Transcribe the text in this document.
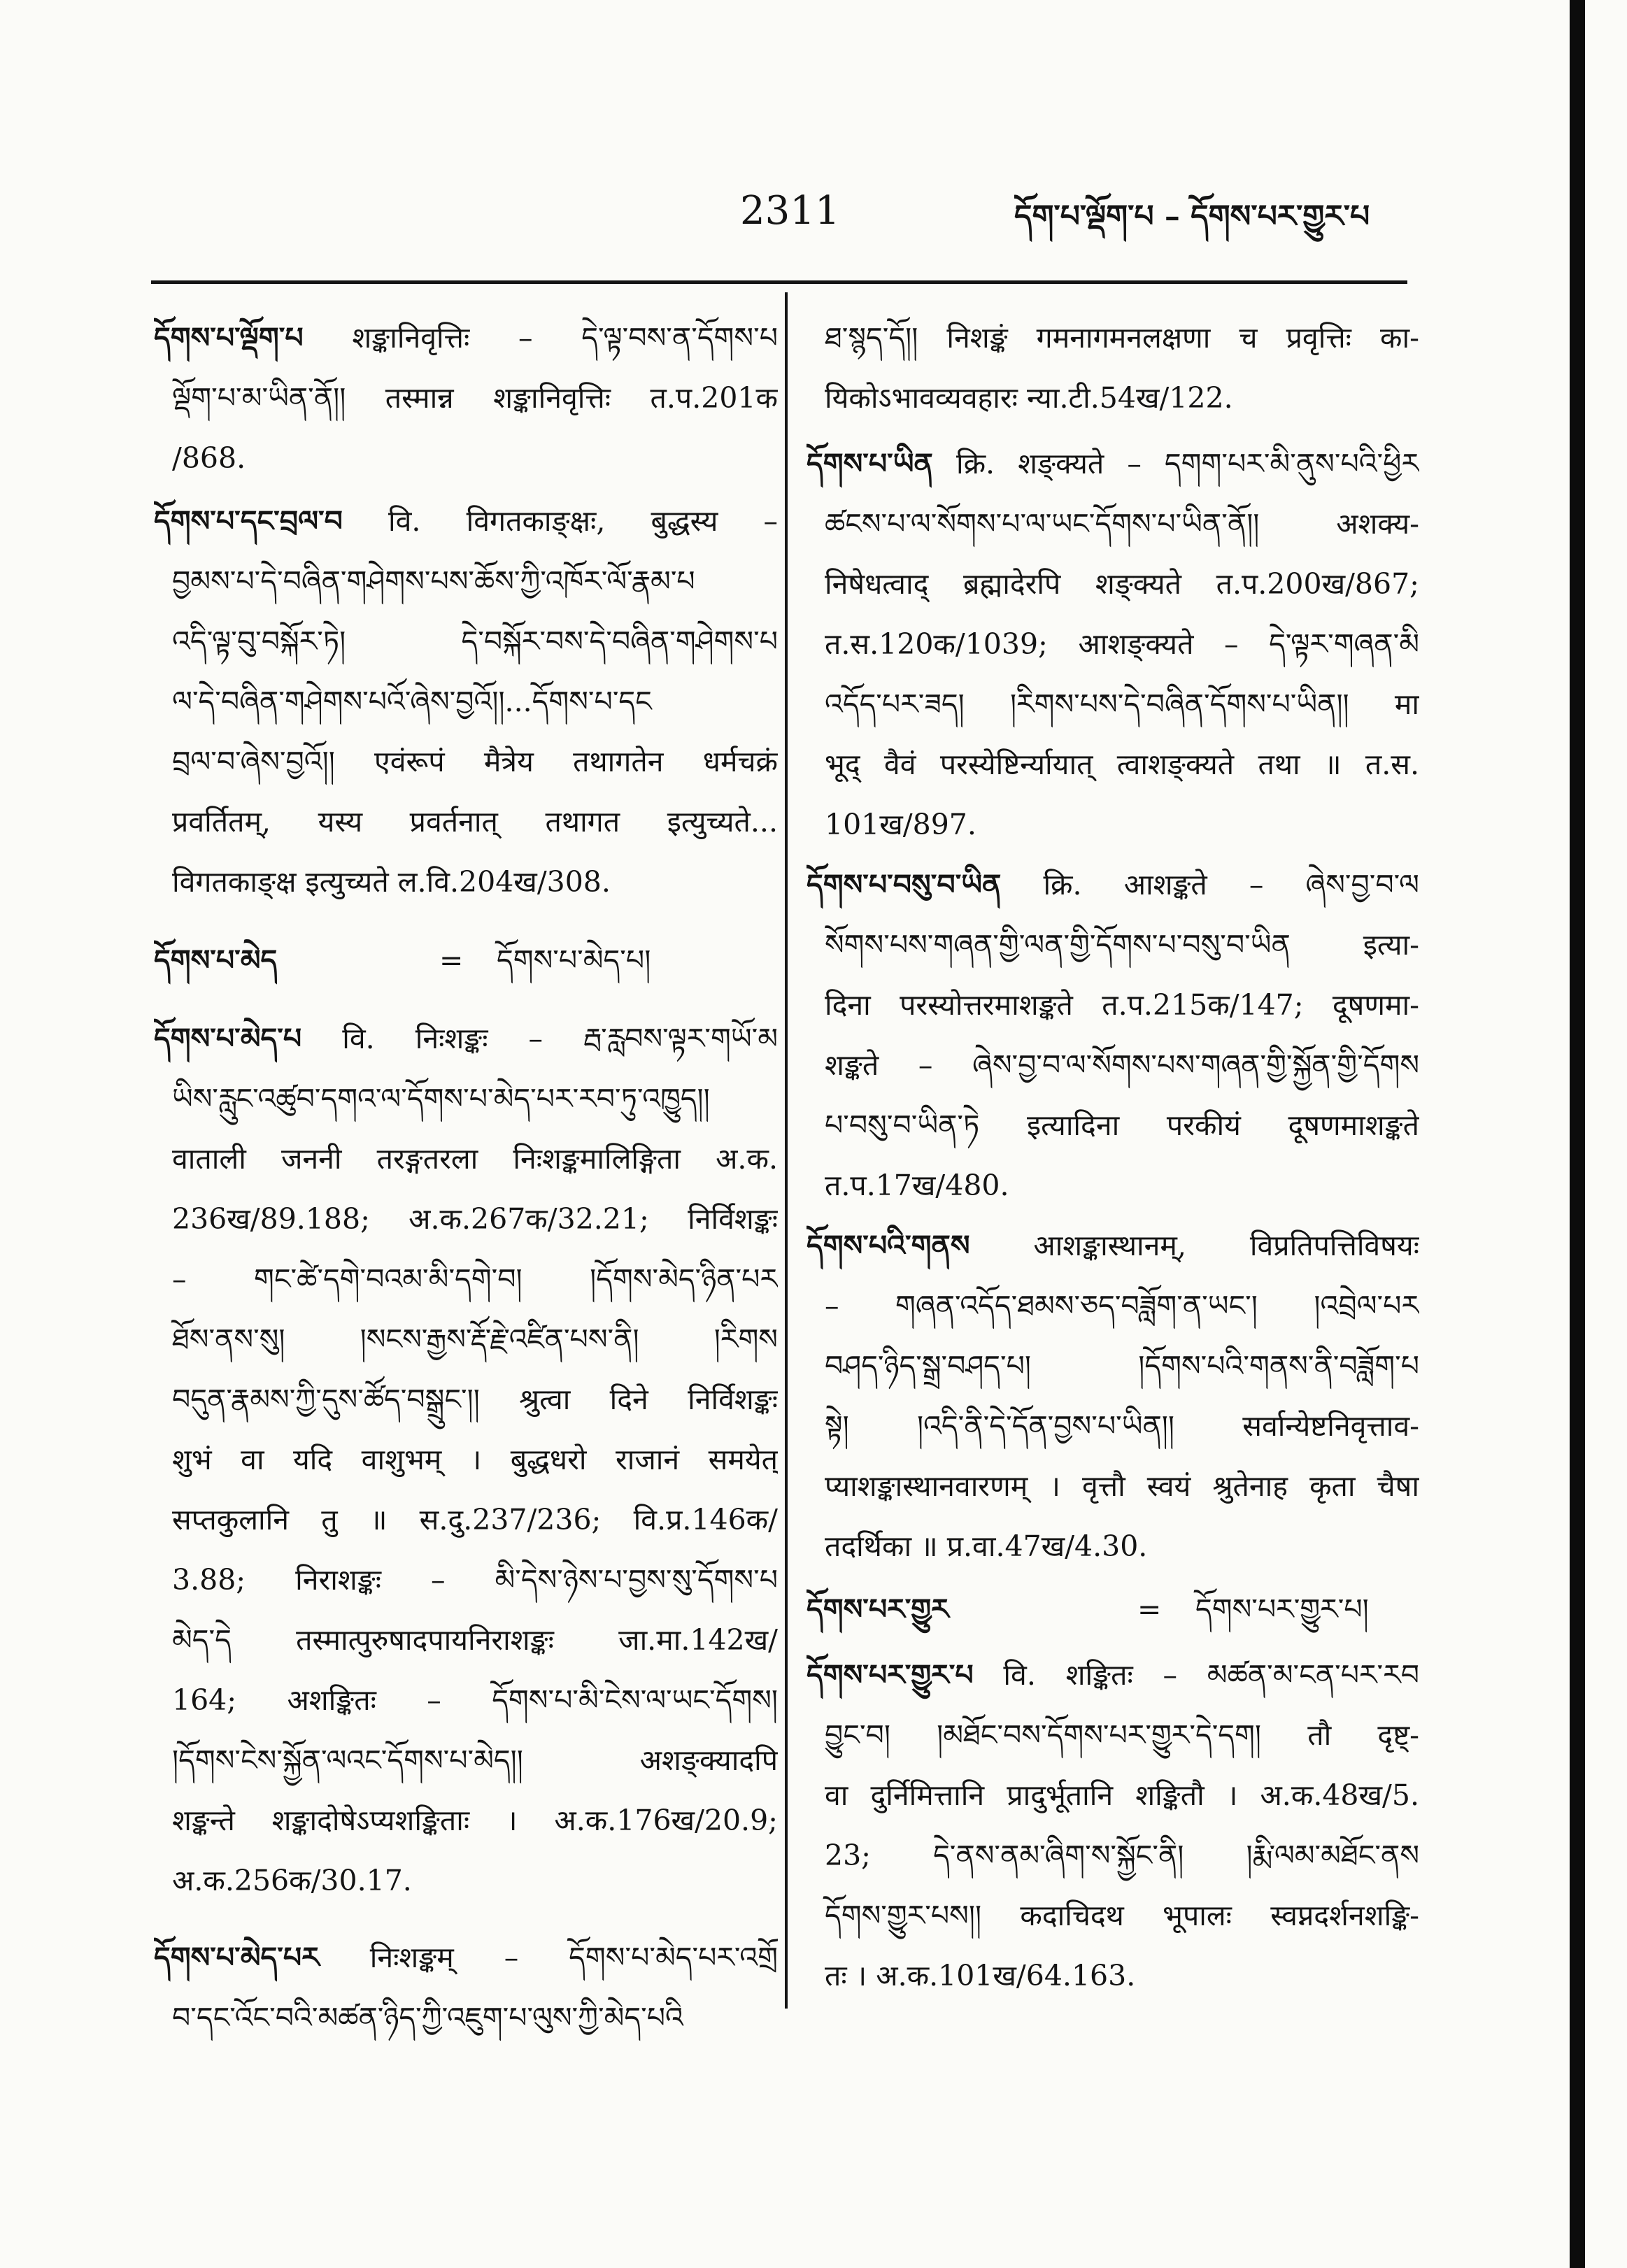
2311	དོག་པ་ལྡོག་པ – དོགས་པར་གྱུར་པ
དོགས་པ་ལྡོག་པ शङ्कानिवृत्तिः – དེ་ལྟ་བས་ན་དོགས་པ
ལྡོག་པ་མ་ཡིན་ནོ།། तस्मान्न शङ्कानिवृत्तिः त.प.201क
/868.
དོགས་པ་དང་བྲལ་བ वि. विगतकाङ्क्षः, बुद्धस्य –
བྱམས་པ་དེ་བཞིན་གཤེགས་པས་ཆོས་ཀྱི་འཁོར་ལོ་རྣམ་པ
འདི་ལྟ་བུ་བསྐོར་ཏེ། དེ་བསྐོར་བས་དེ་བཞིན་གཤེགས་པ
ལ་དེ་བཞིན་གཤེགས་པའོ་ཞེས་བྱའོ།།...དོགས་པ་དང
བྲལ་བ་ཞེས་བྱའོ།། एवंरूपं मैत्रेय तथागतेन धर्मचक्रं
प्रवर्तितम्, यस्य प्रवर्तनात् तथागत इत्युच्यते...
विगतकाङ्क्ष इत्युच्यते ल.वि.204ख/308.
དོགས་པ་མེད	= དོགས་པ་མེད་པ།
དོགས་པ་མེད་པ वि. निःशङ्कः – རྦ་རླབས་ལྟར་གཡོ་མ
ཡིས་རླུང་འཚུབ་དགའ་ལ་དོགས་པ་མེད་པར་རབ་ཏུ་འཁྱུད།།
वाताली जननी तरङ्गतरला निःशङ्कमालिङ्गिता अ.क.
236ख/89.188; अ.क.267क/32.21; निर्विशङ्कः
– གང་ཚེ་དགེ་བའམ་མི་དགེ་བ། །དོགས་མེད་ཉིན་པར
ཐོས་ནས་སུ། །སངས་རྒྱས་རྡོ་རྗེ་འཛིན་པས་ནི། །རིགས
བདུན་རྣམས་ཀྱི་དུས་ཚོད་བསྒྲུང་།། श्रुत्वा दिने निर्विशङ्कः
शुभं वा यदि वाशुभम् । बुद्धधरो राजानं समयेत्
सप्तकुलानि तु ॥ स.दु.237/236; वि.प्र.146क/
3.88; निराशङ्कः – མི་དེས་ཉེས་པ་བྱས་སུ་དོགས་པ
མེད་དེ तस्मात्पुरुषादपायनिराशङ्कः जा.मा.142ख/
164; अशङ्कितः – དོགས་པ་མི་ངེས་ལ་ཡང་དོགས།
།དོགས་ངེས་སྐྱོན་ལའང་དོགས་པ་མེད།། अशङ्क्यादपि
शङ्कन्ते शङ्कादोषेऽप्यशङ्किताः । अ.क.176ख/20.9;
अ.क.256क/30.17.
དོགས་པ་མེད་པར निःशङ्कम् – དོགས་པ་མེད་པར་འགྲོ
བ་དང་འོང་བའི་མཚན་ཉིད་ཀྱི་འཇུག་པ་ལུས་ཀྱི་མེད་པའི
ཐ་སྙད་དོ།། निशङ्कं गमनागमनलक्षणा च प्रवृत्तिः का-
यिकोऽभावव्यवहारः न्या.टी.54ख/122.
དོགས་པ་ཡིན क्रि. शङ्क्यते – དགག་པར་མི་ནུས་པའི་ཕྱིར
ཚངས་པ་ལ་སོགས་པ་ལ་ཡང་དོགས་པ་ཡིན་ནོ།། अशक्य-
निषेधत्वाद् ब्रह्मादेरपि शङ्क्यते त.प.200ख/867;
त.स.120क/1039; आशङ्क्यते – དེ་ལྟར་གཞན་མི
འདོད་པར་ཟད། །རིགས་པས་དེ་བཞིན་དོགས་པ་ཡིན།། मा
भूद् वैवं परस्येष्टिर्न्यायात् त्वाशङ्क्यते तथा ॥ त.स.
101ख/897.
དོགས་པ་བསུ་བ་ཡིན क्रि. आशङ्कते – ཞེས་བྱ་བ་ལ
སོགས་པས་གཞན་གྱི་ལན་གྱི་དོགས་པ་བསུ་བ་ཡིན इत्या-
दिना परस्योत्तरमाशङ्कते त.प.215क/147; दूषणमा-
शङ्कते – ཞེས་བྱ་བ་ལ་སོགས་པས་གཞན་གྱི་སྐྱོན་གྱི་དོགས
པ་བསུ་བ་ཡིན་ཏེ इत्यादिना परकीयं दूषणमाशङ्कते
त.प.17ख/480.
དོགས་པའི་གནས आशङ्कास्थानम्, विप्रतिपत्तिविषयः
– གཞན་འདོད་ཐམས་ཅད་བཟློག་ན་ཡང་། །འབྲེལ་པར
བཤད་ཉིད་སྒྲ་བཤད་པ། །དོགས་པའི་གནས་ནི་བཟློག་པ
སྟེ། །འདི་ནི་དེ་དོན་བྱས་པ་ཡིན།། सर्वान्येष्टनिवृत्ताव-
प्याशङ्कास्थानवारणम् । वृत्तौ स्वयं श्रुतेनाह कृता चैषा
तदर्थिका ॥ प्र.वा.47ख/4.30.
དོགས་པར་གྱུར	= དོགས་པར་གྱུར་པ།
དོགས་པར་གྱུར་པ वि. शङ्कितः – མཚན་མ་ངན་པར་རབ
བྱུང་བ། །མཐོང་བས་དོགས་པར་གྱུར་དེ་དག། तौ दृष्ट्-
वा दुर्निमित्तानि प्रादुर्भूतानि शङ्कितौ । अ.क.48ख/5.
23; དེ་ནས་ནམ་ཞིག་ས་སྐྱོང་ནི། །རྨི་ལམ་མཐོང་ནས
དོགས་གྱུར་པས།། कदाचिदथ भूपालः स्वप्नदर्शनशङ्कि-
तः । अ.क.101ख/64.163.
